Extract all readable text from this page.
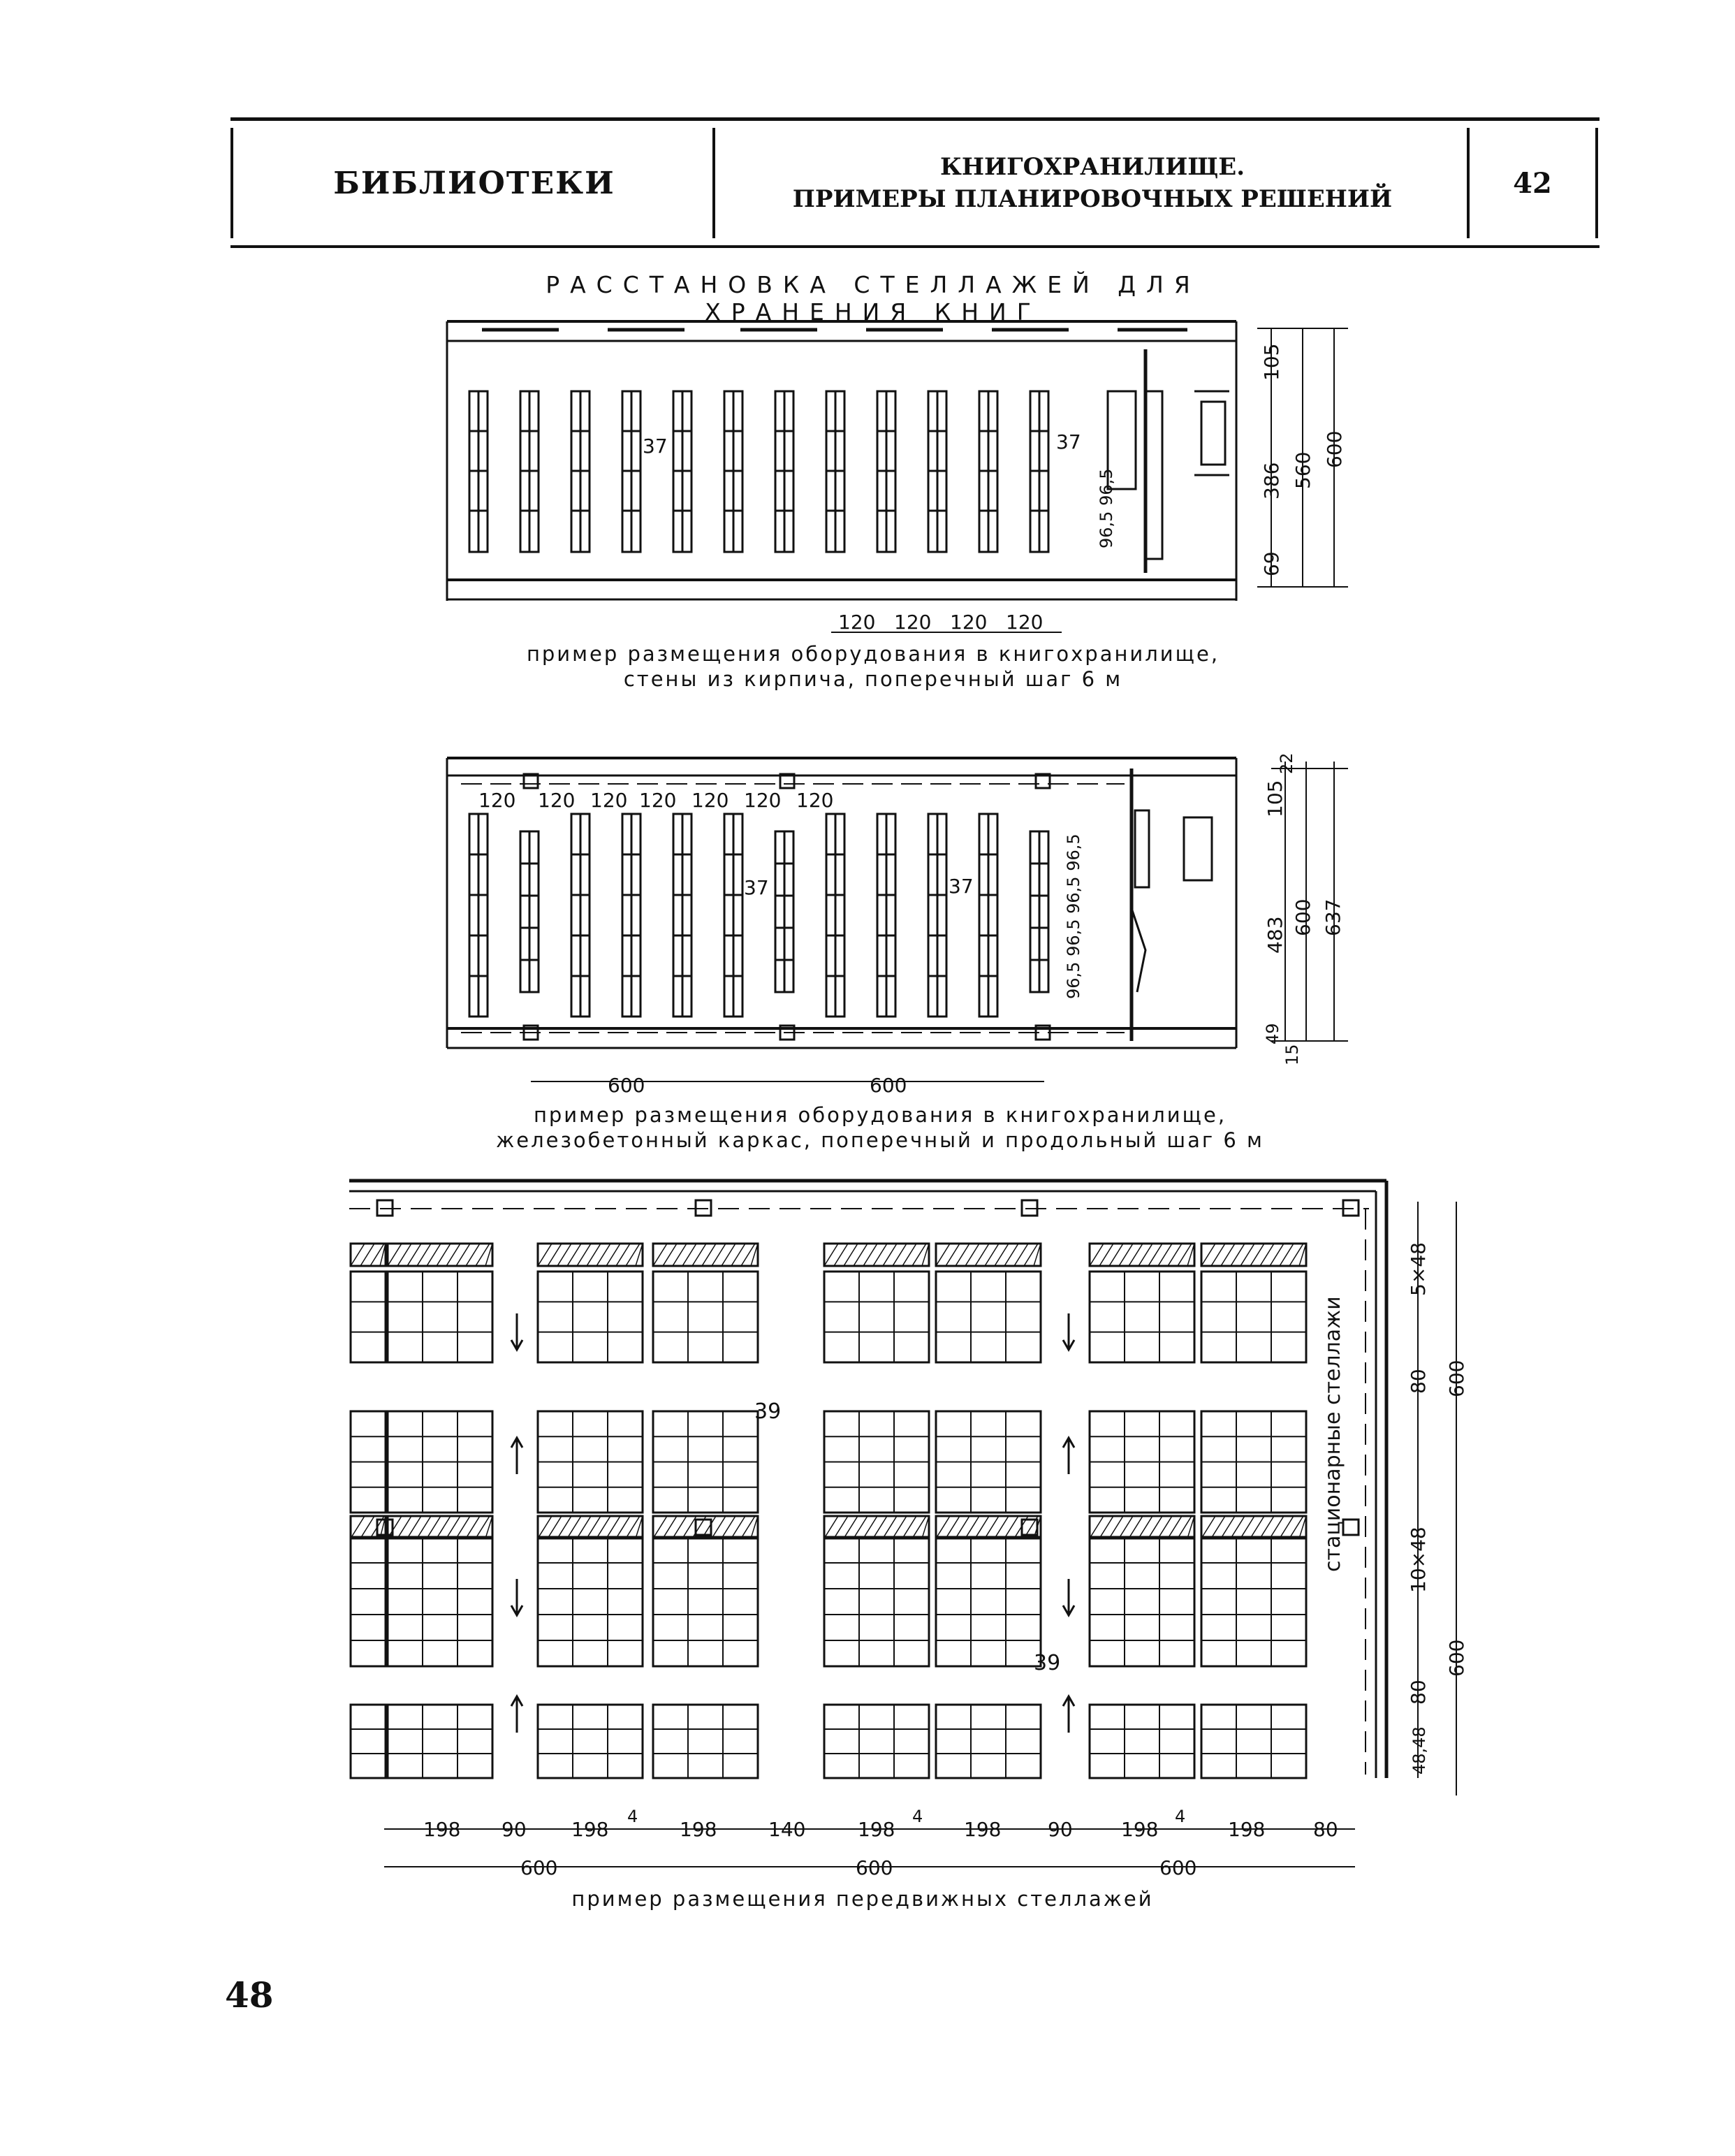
БИБЛИОТЕКИ	КНИГОХРАНИЛИЩЕ.
ПРИМЕРЫ ПЛАНИРОВОЧНЫХ РЕШЕНИЙ	42
РАССТАНОВКА СТЕЛЛАЖЕЙ ДЛЯ ХРАНЕНИЯ КНИГ
37	37
96,5 96,5
120 120 120 120
105
386 560
600
69
120 120 120 120 120 120 120
37	37	96,5 96,5 96,5 96,5
600	600
22
105
483 600 637
49
15
39
39
стационарные стеллажи
5×48
80 600
10×48
80
48,48
600
198 90 198
4
198	140	198
4
198 90 198
4
198 80
600	600	600
пример размещения оборудования в книгохранилище,
стены из кирпича, поперечный шаг 6 м
пример размещения оборудования в книгохранилище,
железобетонный каркас, поперечный и продольный шаг 6 м
пример размещения передвижных стеллажей
48
